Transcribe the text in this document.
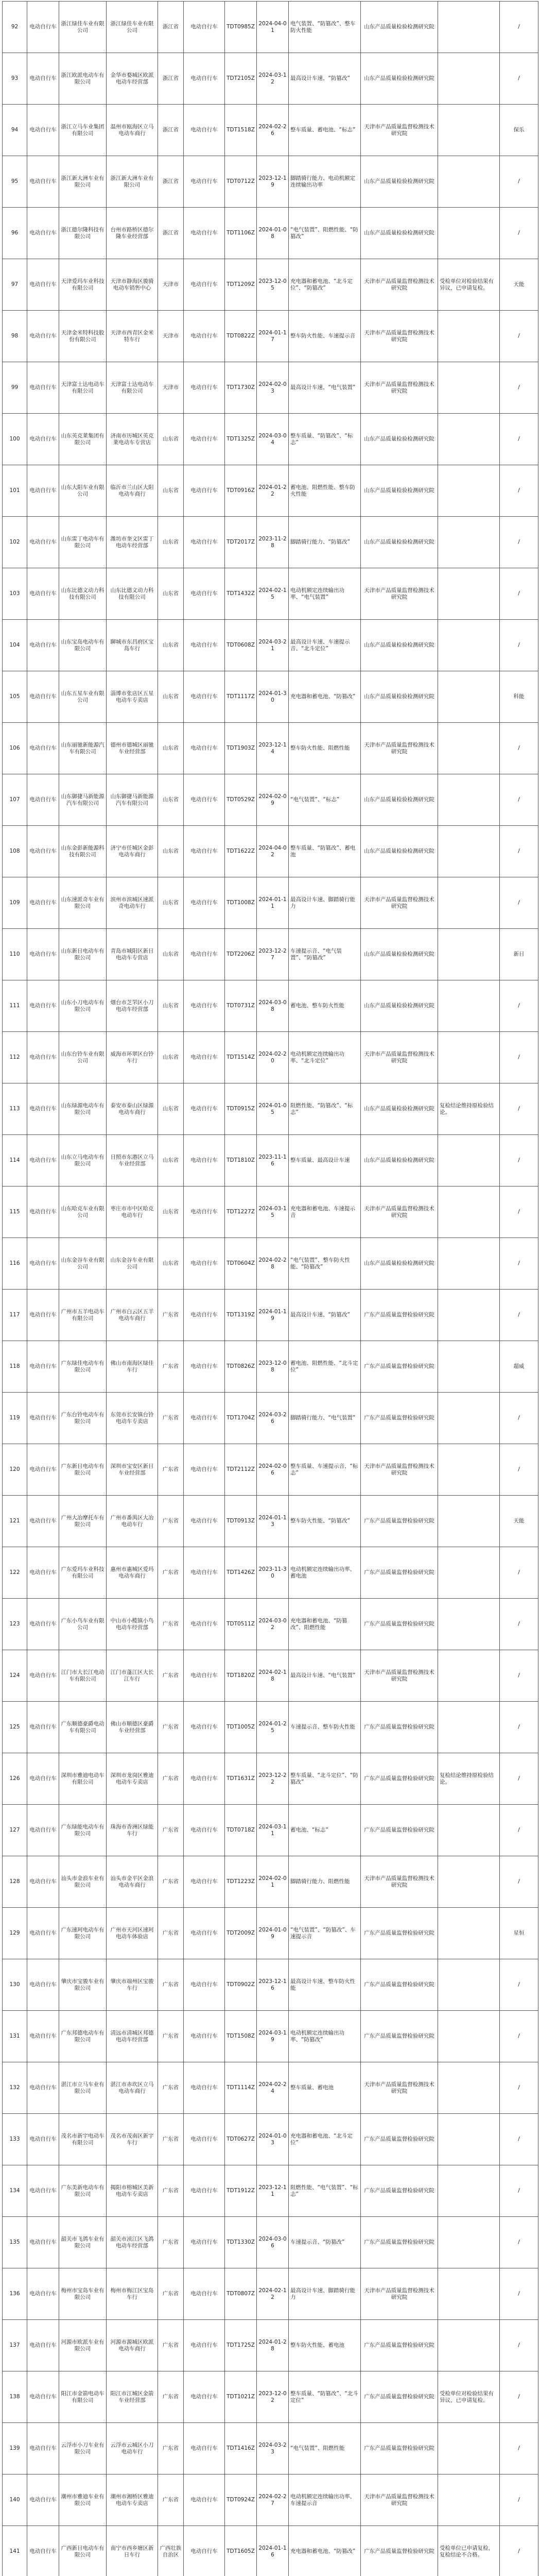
92	电动自行车	浙江绿佳车业有限公司	浙江绿佳车业有限公司	浙江省	电动自行车	TDT0985Z	2024-04-01	电气装置、“防篡改”、整车防火性能	山东产品质量检验检测研究院		/

93	电动自行车	浙江欧派电动车有限公司	金华市婺城区欧派电动车经营部	浙江省	电动自行车	TDT2105Z	2024-03-12	最高设计车速、“防篡改”	山东产品质量检验检测研究院		/

94	电动自行车	浙江立马车业集团有限公司	温州市瓯海区立马电动车商行	浙江省	电动自行车	TDT1518Z	2024-02-26	整车质量、蓄电池、“标志”	天津市产品质量监督检测技术研究院		保乐

95	电动自行车	浙江新大洲车业有限公司	浙江新大洲车业有限公司	浙江省	电动自行车	TDT0712Z	2023-12-19	脚踏骑行能力、电动机额定连续输出功率	山东产品质量检验检测研究院		/

96	电动自行车	浙江德尔隆科技有限公司	台州市路桥区德尔隆车业经营部	浙江省	电动自行车	TDT1106Z	2024-01-08	“电气装置”、阻燃性能、“防篡改”	山东产品质量检验检测研究院		/

97	电动自行车	天津爱玛车业科技有限公司	天津市静海区骏骑电动车销售中心	天津市	电动自行车	TDT1209Z	2023-12-05	充电器和蓄电池、“北斗定位”、“防篡改”	天津市产品质量监督检测技术研究院	受检单位对检验结果有异议，已申请复检。	天能

98	电动自行车	天津金米特科技股份有限公司	天津市西青区金米特车行	天津市	电动自行车	TDT0822Z	2024-01-17	整车防火性能、车速提示音	天津市产品质量监督检测技术研究院		/

99	电动自行车	天津富士达电动车有限公司	天津富士达电动车有限公司	天津市	电动自行车	TDT1730Z	2024-02-03	最高设计车速、“电气装置”	天津市产品质量监督检测技术研究院		/

100	电动自行车	山东英克莱集团有限公司	济南市历城区英克莱电动车专营店	山东省	电动自行车	TDT1325Z	2024-03-04	整车质量、“防篡改”、“标志”	山东产品质量检验检测研究院		/

101	电动自行车	山东大阳车业有限公司	临沂市兰山区大阳电动车商行	山东省	电动自行车	TDT0916Z	2024-01-22	蓄电池、阻燃性能、整车防火性能	山东产品质量检验检测研究院		/

102	电动自行车	山东雷丁电动车有限公司	潍坊市奎文区雷丁电动车经营部	山东省	电动自行车	TDT2017Z	2023-11-28	脚踏骑行能力、“防篡改”	山东产品质量检验检测研究院		/

103	电动自行车	山东比德文动力科技有限公司	山东比德文动力科技有限公司	山东省	电动自行车	TDT1432Z	2024-02-15	电动机额定连续输出功率、“电气装置”	天津市产品质量监督检测技术研究院		/

104	电动自行车	山东宝岛电动车有限公司	聊城市东昌府区宝岛车行	山东省	电动自行车	TDT0608Z	2024-03-21	最高设计车速、车速提示音、“北斗定位”	山东产品质量检验检测研究院		/

105	电动自行车	山东五星车业有限公司	淄博市张店区五星电动车专卖店	山东省	电动自行车	TDT1117Z	2024-01-30	充电器和蓄电池、“防篡改”	山东产品质量检验检测研究院		科能

106	电动自行车	山东丽驰新能源汽车有限公司	德州市德城区丽驰车业经营部	山东省	电动自行车	TDT1903Z	2023-12-14	整车防火性能、阻燃性能	天津市产品质量监督检测技术研究院		/

107	电动自行车	山东御捷马新能源汽车有限公司	山东御捷马新能源汽车有限公司	山东省	电动自行车	TDT0529Z	2024-02-09	“电气装置”、“标志”	山东产品质量检验检测研究院		/

108	电动自行车	山东金彭新能源科技有限公司	济宁市任城区金彭电动车商行	山东省	电动自行车	TDT1622Z	2024-04-02	整车质量、“防篡改”、蓄电池	山东产品质量检验检测研究院		/

109	电动自行车	山东速派奇车业有限公司	滨州市滨城区速派奇电动车行	山东省	电动自行车	TDT1008Z	2024-01-11	最高设计车速、脚踏骑行能力	天津市产品质量监督检测技术研究院		/

110	电动自行车	山东新日电动车有限公司	青岛市城阳区新日电动车专营店	山东省	电动自行车	TDT2206Z	2023-12-27	车速提示音、“电气装置”、“防篡改”	山东产品质量检验检测研究院		新日

111	电动自行车	山东小刀电动车有限公司	烟台市芝罘区小刀电动车经营部	山东省	电动自行车	TDT0731Z	2024-03-08	蓄电池、整车防火性能	山东产品质量检验检测研究院		/

112	电动自行车	山东台铃车业有限公司	威海市环翠区台铃车行	山东省	电动自行车	TDT1514Z	2024-02-20	电动机额定连续输出功率、“北斗定位”	天津市产品质量监督检测技术研究院		/

113	电动自行车	山东绿源电动车有限公司	泰安市泰山区绿源电动车商行	山东省	电动自行车	TDT0915Z	2024-01-05	阻燃性能、“防篡改”、“标志”	山东产品质量检验检测研究院	复检结论维持原检验结论。	/

114	电动自行车	山东立马电动车有限公司	日照市东港区立马车业经营部	山东省	电动自行车	TDT1810Z	2023-11-16	整车质量、最高设计车速	山东产品质量检验检测研究院		/

115	电动自行车	山东哈克车业有限公司	枣庄市市中区哈克电动车行	山东省	电动自行车	TDT1227Z	2024-03-15	充电器和蓄电池、车速提示音	天津市产品质量监督检测技术研究院		/

116	电动自行车	山东金谷车业有限公司	山东金谷车业有限公司	山东省	电动自行车	TDT0604Z	2024-02-28	“电气装置”、整车防火性能、“防篡改”	山东产品质量检验检测研究院		/

117	电动自行车	广州市五羊电动车有限公司	广州市白云区五羊电动车商行	广东省	电动自行车	TDT1319Z	2024-01-19	最高设计车速、“防篡改”	广东产品质量监督检验研究院		/

118	电动自行车	广东绿佳电动车有限公司	佛山市南海区绿佳车行	广东省	电动自行车	TDT0826Z	2023-12-08	蓄电池、阻燃性能、“北斗定位”	广东产品质量监督检验研究院		超威

119	电动自行车	广东台铃电动车有限公司	东莞市长安镇台铃电动车专卖店	广东省	电动自行车	TDT1704Z	2024-03-26	脚踏骑行能力、“电气装置”	广东产品质量监督检验研究院		/

120	电动自行车	广东新日电动车有限公司	深圳市宝安区新日车业经营部	广东省	电动自行车	TDT2112Z	2024-02-06	整车质量、车速提示音、“标志”	天津市产品质量监督检测技术研究院		/

121	电动自行车	广州大冶摩托车有限公司	广州市番禺区大冶电动车行	广东省	电动自行车	TDT0913Z	2024-01-13	整车防火性能、“防篡改”	广东产品质量监督检验研究院		天能

122	电动自行车	广东爱玛车业科技有限公司	惠州市惠城区爱玛电动车商行	广东省	电动自行车	TDT1426Z	2023-11-30	电动机额定连续输出功率、蓄电池	广东产品质量监督检验研究院		/

123	电动自行车	广东小鸟车业有限公司	中山市小榄镇小鸟电动车经营部	广东省	电动自行车	TDT0511Z	2024-03-02	充电器和蓄电池、“防篡改”、阻燃性能	广东产品质量监督检验研究院		/

124	电动自行车	江门市大长江电动车有限公司	江门市蓬江区大长江车行	广东省	电动自行车	TDT1820Z	2024-02-18	最高设计车速、“电气装置”	天津市产品质量监督检测技术研究院		/

125	电动自行车	广东顺德豪爵电动车有限公司	佛山市顺德区豪爵车业经营部	广东省	电动自行车	TDT1005Z	2024-01-25	车速提示音、整车防火性能	广东产品质量监督检验研究院		/

126	电动自行车	深圳市雅迪电动车有限公司	深圳市龙岗区雅迪电动车专卖店	广东省	电动自行车	TDT1631Z	2023-12-22	整车质量、“北斗定位”、“防篡改”	广东产品质量监督检验研究院	复检结论维持原检验结论。	/

127	电动自行车	广东绿能电动车有限公司	珠海市香洲区绿能车行	广东省	电动自行车	TDT0718Z	2024-03-11	蓄电池、“标志”	广东产品质量监督检验研究院		/

128	电动自行车	汕头市金浪车业有限公司	汕头市金平区金浪电动车商行	广东省	电动自行车	TDT1223Z	2024-02-01	脚踏骑行能力、阻燃性能	天津市产品质量监督检测技术研究院		/

129	电动自行车	广东速珂电动车有限公司	广州市天河区速珂电动车体验店	广东省	电动自行车	TDT2009Z	2024-01-09	“电气装置”、“防篡改”、车速提示音	广东产品质量监督检验研究院		星恒

130	电动自行车	肇庆市宝骏车业有限公司	肇庆市端州区宝骏车行	广东省	电动自行车	TDT0902Z	2023-12-16	最高设计车速、整车防火性能	广东产品质量监督检验研究院		/

131	电动自行车	广东邦德电动车有限公司	清远市清城区邦德电动车经营部	广东省	电动自行车	TDT1508Z	2024-03-19	电动机额定连续输出功率、“防篡改”	广东产品质量监督检验研究院		/

132	电动自行车	湛江市立马车业有限公司	湛江市赤坎区立马电动车商行	广东省	电动自行车	TDT1114Z	2024-02-24	整车质量、蓄电池	天津市产品质量监督检测技术研究院		/

133	电动自行车	茂名市新宇电动车有限公司	茂名市茂南区新宇车行	广东省	电动自行车	TDT0627Z	2024-01-03	充电器和蓄电池、“北斗定位”	广东产品质量监督检验研究院		/

134	电动自行车	广东美新电动车有限公司	揭阳市榕城区美新电动车专卖店	广东省	电动自行车	TDT1912Z	2023-12-11	阻燃性能、“电气装置”、“标志”	广东产品质量监督检验研究院		/

135	电动自行车	韶关市飞鸽车业有限公司	韶关市浈江区飞鸽电动车经营部	广东省	电动自行车	TDT1330Z	2024-03-06	车速提示音、“防篡改”	广东产品质量监督检验研究院		/

136	电动自行车	梅州市宝岛车业有限公司	梅州市梅江区宝岛车行	广东省	电动自行车	TDT0807Z	2024-02-12	最高设计车速、脚踏骑行能力	天津市产品质量监督检测技术研究院		/

137	电动自行车	河源市欧派车业有限公司	河源市源城区欧派电动车商行	广东省	电动自行车	TDT1725Z	2024-01-28	整车防火性能、蓄电池	广东产品质量监督检验研究院		/

138	电动自行车	阳江市金箭电动车有限公司	阳江市江城区金箭车业经营部	广东省	电动自行车	TDT1021Z	2023-12-02	整车质量、“防篡改”、“北斗定位”	广东产品质量监督检验研究院	受检单位对检验结果有异议，已申请复检。	/

139	电动自行车	云浮市小刀车业有限公司	云浮市云城区小刀电动车行	广东省	电动自行车	TDT1416Z	2024-03-23	“电气装置”、阻燃性能	广东产品质量监督检验研究院		/

140	电动自行车	潮州市雅迪车业有限公司	潮州市湘桥区雅迪电动车专卖店	广东省	电动自行车	TDT0924Z	2024-02-27	电动机额定连续输出功率、车速提示音	天津市产品质量监督检测技术研究院		/

141	电动自行车	广西新日电动车有限公司	南宁市西乡塘区新日车行	广西壮族自治区	电动自行车	TDT1605Z	2024-01-16	充电器和蓄电池、“防篡改”	广东产品质量监督检验研究院	受检单位已申请复检，复检结论不合格。	/
